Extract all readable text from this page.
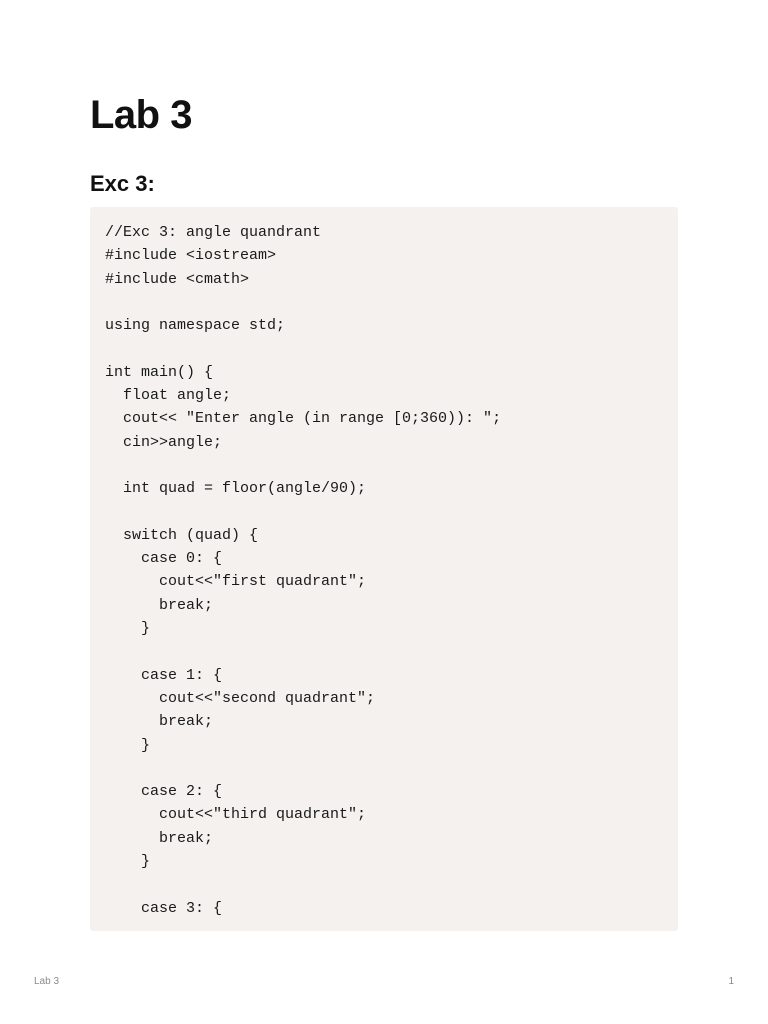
Lab 3
Exc 3:
//Exc 3: angle quandrant
#include <iostream>
#include <cmath>
using namespace std;
int main() {
float angle;
cout<< "Enter angle (in range [0;360)): ";
cin>>angle;
int quad = floor(angle/90);
switch (quad) {
case 0: {
cout<<"first quadrant";
break;
}
case 1: {
cout<<"second quadrant";
break;
}
case 2: {
cout<<"third quadrant";
break;
}
case 3: {
Lab 3	1
